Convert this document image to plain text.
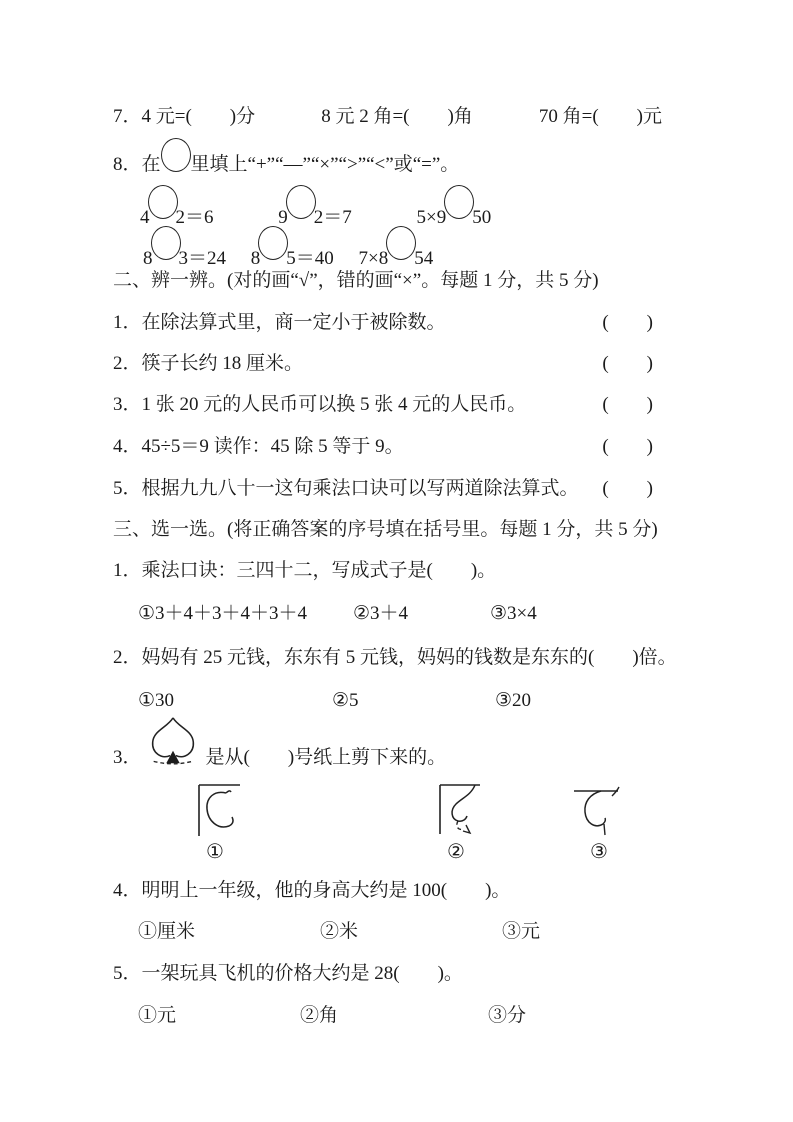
7．4 元=(　　)分	8 元 2 角=(　　)角	70 角=(　　)元
8．在 里填上“+”“—”“×”“>”“<”或“=”。
4 2＝6	9 2＝7	5×9 50
8 3＝24 8 5＝40 7×8 54
二、辨一辨。(对的画“√”，错的画“×”。每题 1 分，共 5 分)
1．在除法算式里，商一定小于被除数。	(　　)
2．筷子长约 18 厘米。	(　　)
3．1 张 20 元的人民币可以换 5 张 4 元的人民币。	(　　)
4．45÷5＝9 读作：45 除 5 等于 9。	(　　)
5．根据九九八十一这句乘法口诀可以写两道除法算式。 (　　)
三、选一选。(将正确答案的序号填在括号里。每题 1 分，共 5 分)
1．乘法口诀：三四十二，写成式子是(　　)。
①3＋4＋3＋4＋3＋4 ②3＋4	③3×4
2．妈妈有 25 元钱，东东有 5 元钱，妈妈的钱数是东东的(　　)倍。
①30	②5	③20
3．	是从(　　)号纸上剪下来的。
①	②	③
4．明明上一年级，他的身高大约是 100(　　)。
①厘米	②米	③元
5．一架玩具飞机的价格大约是 28(　　)。
①元	②角	③分
